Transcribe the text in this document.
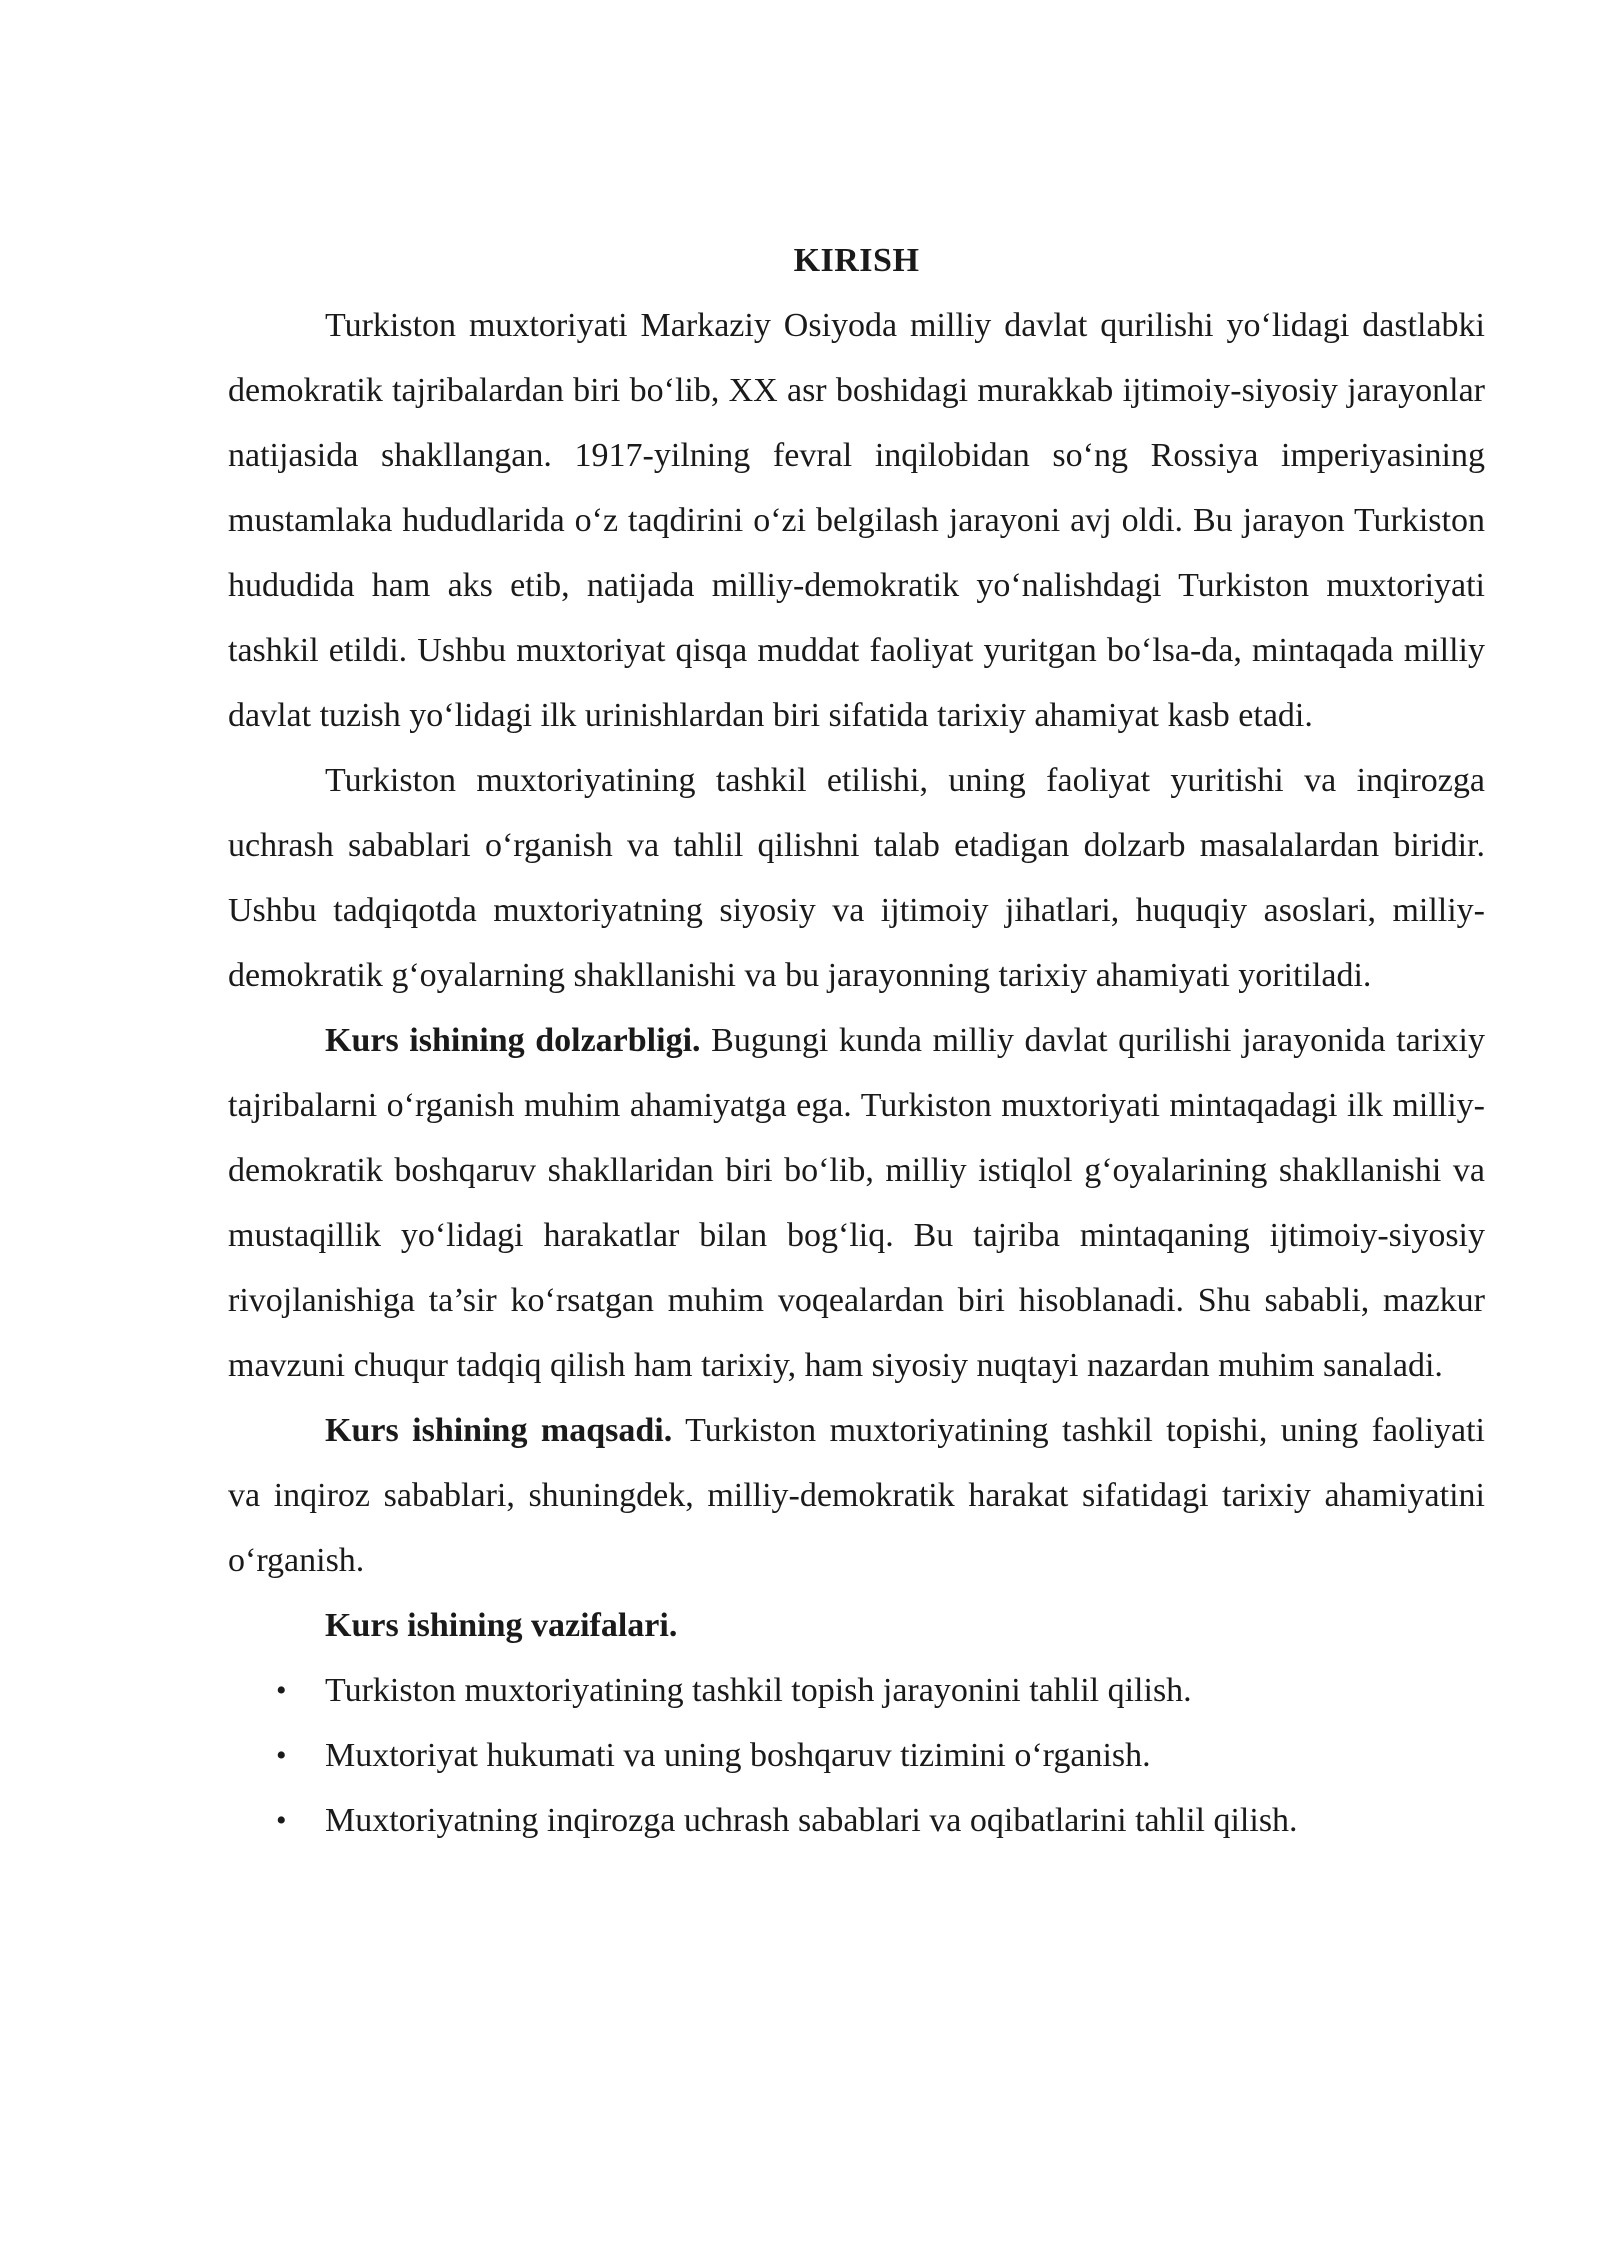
KIRISH

Turkiston muxtoriyati Markaziy Osiyoda milliy davlat qurilishi yo‘lidagi dastlabki demokratik tajribalardan biri bo‘lib, XX asr boshidagi murakkab ijtimoiy-siyosiy jarayonlar natijasida shakllangan. 1917-yilning fevral inqilobidan so‘ng Rossiya imperiyasining mustamlaka hududlarida o‘z taqdirini o‘zi belgilash jarayoni avj oldi. Bu jarayon Turkiston hududida ham aks etib, natijada milliy-demokratik yo‘nalishdagi Turkiston muxtoriyati tashkil etildi. Ushbu muxtoriyat qisqa muddat faoliyat yuritgan bo‘lsa-da, mintaqada milliy davlat tuzish yo‘lidagi ilk urinishlardan biri sifatida tarixiy ahamiyat kasb etadi.

Turkiston muxtoriyatining tashkil etilishi, uning faoliyat yuritishi va inqirozga uchrash sabablari o‘rganish va tahlil qilishni talab etadigan dolzarb masalalardan biridir. Ushbu tadqiqotda muxtoriyatning siyosiy va ijtimoiy jihatlari, huquqiy asoslari, milliy-demokratik g‘oyalarning shakllanishi va bu jarayonning tarixiy ahamiyati yoritiladi.

Kurs ishining dolzarbligi. Bugungi kunda milliy davlat qurilishi jarayonida tarixiy tajribalarni o‘rganish muhim ahamiyatga ega. Turkiston muxtoriyati mintaqadagi ilk milliy-demokratik boshqaruv shakllaridan biri bo‘lib, milliy istiqlol g‘oyalarining shakllanishi va mustaqillik yo‘lidagi harakatlar bilan bog‘liq. Bu tajriba mintaqaning ijtimoiy-siyosiy rivojlanishiga ta’sir ko‘rsatgan muhim voqealardan biri hisoblanadi. Shu sababli, mazkur mavzuni chuqur tadqiq qilish ham tarixiy, ham siyosiy nuqtayi nazardan muhim sanaladi.

Kurs ishining maqsadi. Turkiston muxtoriyatining tashkil topishi, uning faoliyati va inqiroz sabablari, shuningdek, milliy-demokratik harakat sifatidagi tarixiy ahamiyatini o‘rganish.

Kurs ishining vazifalari.

• Turkiston muxtoriyatining tashkil topish jarayonini tahlil qilish.
• Muxtoriyat hukumati va uning boshqaruv tizimini o‘rganish.
• Muxtoriyatning inqirozga uchrash sabablari va oqibatlarini tahlil qilish.
